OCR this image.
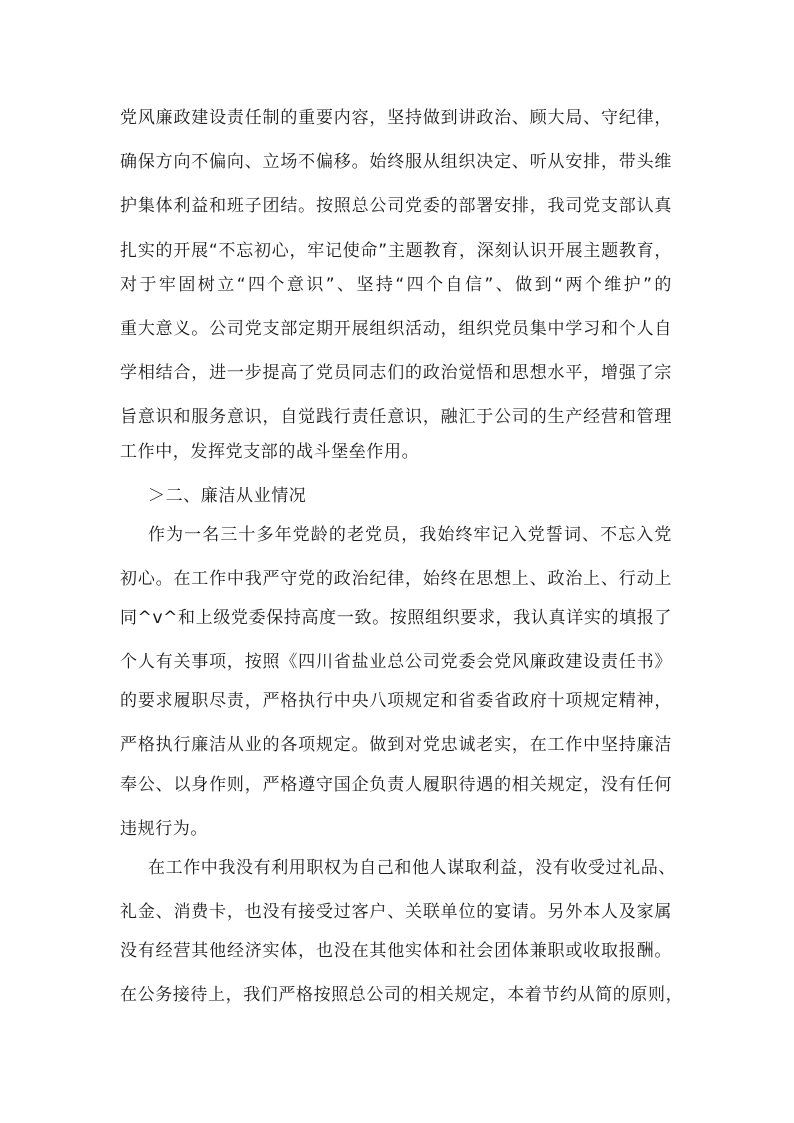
党风廉政建设责任制的重要内容，坚持做到讲政治、顾大局、守纪律，
确保方向不偏向、立场不偏移。始终服从组织决定、听从安排，带头维
护集体利益和班子团结。按照总公司党委的部署安排，我司党支部认真
扎实的开展“不忘初心，牢记使命”主题教育，深刻认识开展主题教育，
对于牢固树立“四个意识”、坚持“四个自信”、做到“两个维护”的
重大意义。公司党支部定期开展组织活动，组织党员集中学习和个人自
学相结合，进一步提高了党员同志们的政治觉悟和思想水平，增强了宗
旨意识和服务意识，自觉践行责任意识，融汇于公司的生产经营和管理
工作中，发挥党支部的战斗堡垒作用。
＞二、廉洁从业情况
作为一名三十多年党龄的老党员，我始终牢记入党誓词、不忘入党
初心。在工作中我严守党的政治纪律，始终在思想上、政治上、行动上
同^v^和上级党委保持高度一致。按照组织要求，我认真详实的填报了
个人有关事项，按照《四川省盐业总公司党委会党风廉政建设责任书》
的要求履职尽责，严格执行中央八项规定和省委省政府十项规定精神，
严格执行廉洁从业的各项规定。做到对党忠诚老实，在工作中坚持廉洁
奉公、以身作则，严格遵守国企负责人履职待遇的相关规定，没有任何
违规行为。
在工作中我没有利用职权为自己和他人谋取利益，没有收受过礼品、
礼金、消费卡，也没有接受过客户、关联单位的宴请。另外本人及家属
没有经营其他经济实体，也没在其他实体和社会团体兼职或收取报酬。
在公务接待上，我们严格按照总公司的相关规定，本着节约从简的原则，
